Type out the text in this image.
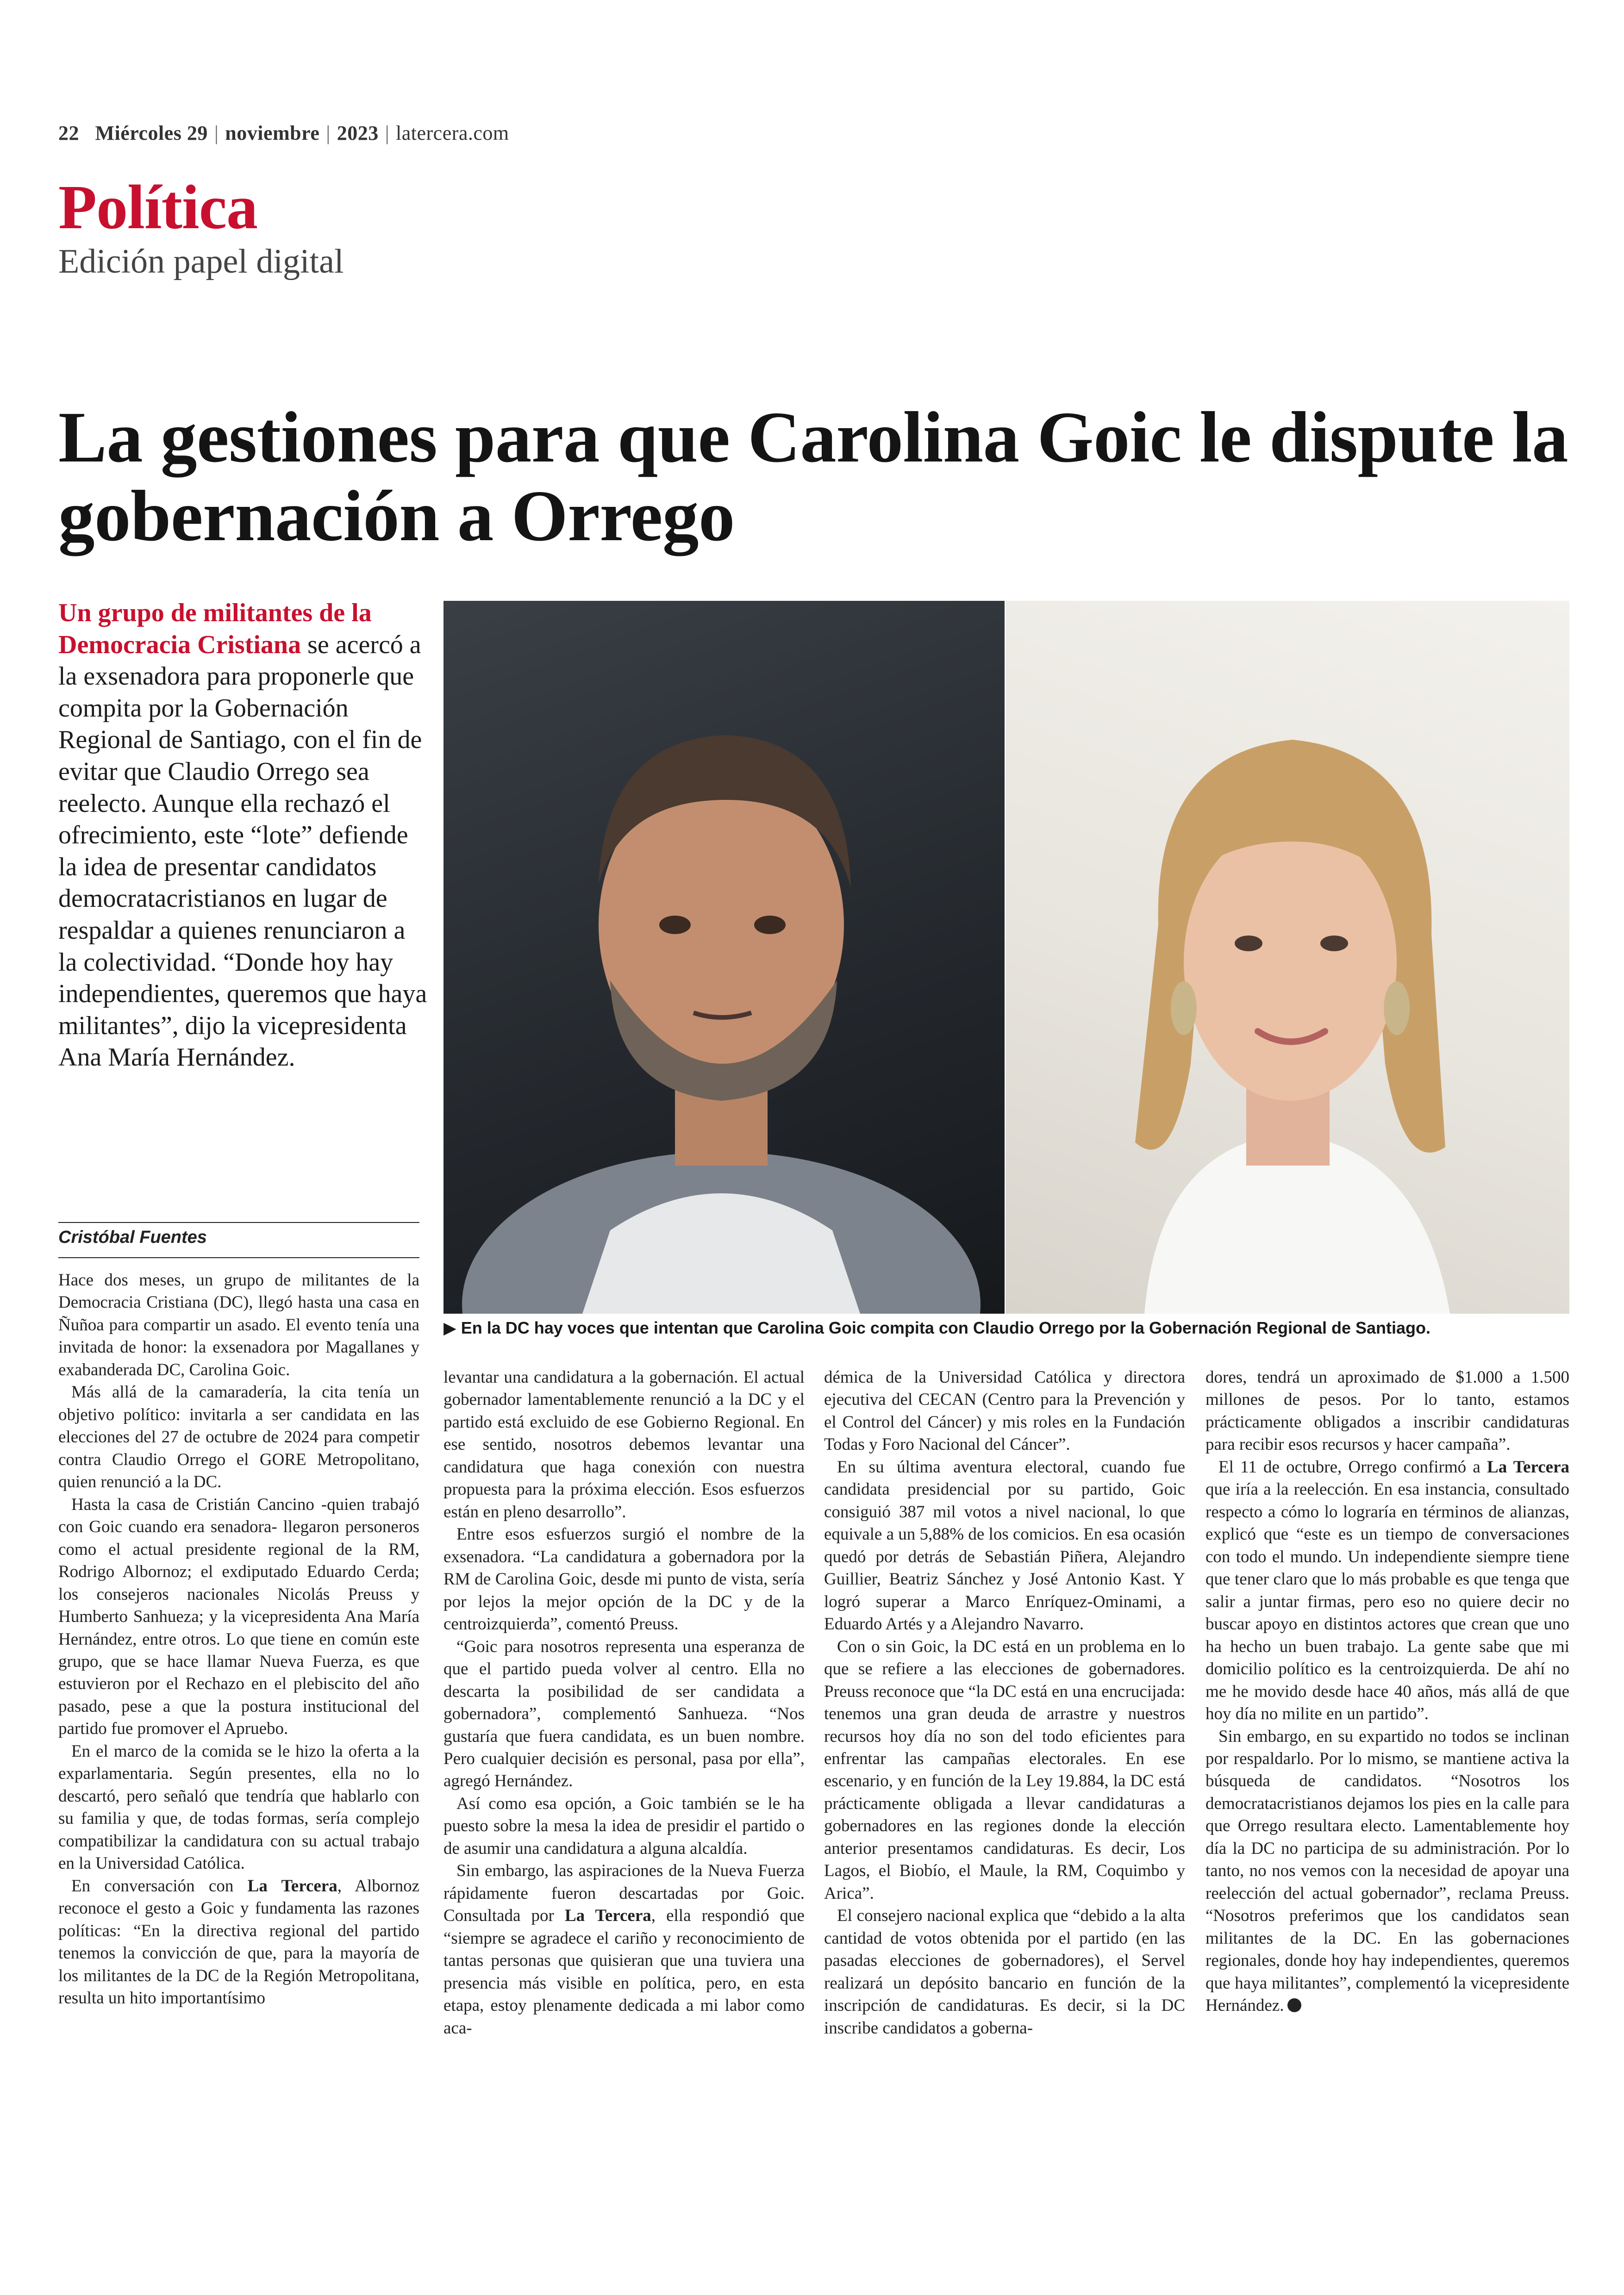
22 Miércoles 29 | noviembre | 2023 | latercera.com
Política
Edición papel digital
La gestiones para que Carolina Goic le dispute la gobernación a Orrego
Un grupo de militantes de la Democracia Cristiana se acercó a la exsenadora para proponerle que compita por la Gobernación Regional de Santiago, con el fin de evitar que Claudio Orrego sea reelecto. Aunque ella rechazó el ofrecimiento, este “lote” defiende la idea de presentar candidatos democratacristianos en lugar de respaldar a quienes renunciaron a la colectividad. “Donde hoy hay independientes, queremos que haya militantes”, dijo la vicepresidenta Ana María Hernández.
▶ En la DC hay voces que intentan que Carolina Goic compita con Claudio Orrego por la Gobernación Regional de Santiago.
Cristóbal Fuentes

Hace dos meses, un grupo de militantes de la Democracia Cristiana (DC), llegó hasta una casa en Ñuñoa para compartir un asado. El evento tenía una invitada de honor: la exsenadora por Magallanes y exabanderada DC, Carolina Goic.

Más allá de la camaradería, la cita tenía un objetivo político: invitarla a ser candidata en las elecciones del 27 de octubre de 2024 para competir contra Claudio Orrego el GORE Metropolitano, quien renunció a la DC.

Hasta la casa de Cristián Cancino -quien trabajó con Goic cuando era senadora- llegaron personeros como el actual presidente regional de la RM, Rodrigo Albornoz; el exdiputado Eduardo Cerda; los consejeros nacionales Nicolás Preuss y Humberto Sanhueza; y la vicepresidenta Ana María Hernández, entre otros. Lo que tiene en común este grupo, que se hace llamar Nueva Fuerza, es que estuvieron por el Rechazo en el plebiscito del año pasado, pese a que la postura institucional del partido fue promover el Apruebo.

En el marco de la comida se le hizo la oferta a la exparlamentaria. Según presentes, ella no lo descartó, pero señaló que tendría que hablarlo con su familia y que, de todas formas, sería complejo compatibilizar la candidatura con su actual trabajo en la Universidad Católica.

En conversación con La Tercera, Albornoz reconoce el gesto a Goic y fundamenta las razones políticas: “En la directiva regional del partido tenemos la convicción de que, para la mayoría de los militantes de la DC de la Región Metropolitana, resulta un hito importantísimo

levantar una candidatura a la gobernación. El actual gobernador lamentablemente renunció a la DC y el partido está excluido de ese Gobierno Regional. En ese sentido, nosotros debemos levantar una candidatura que haga conexión con nuestra propuesta para la próxima elección. Esos esfuerzos están en pleno desarrollo”.

Entre esos esfuerzos surgió el nombre de la exsenadora. “La candidatura a gobernadora por la RM de Carolina Goic, desde mi punto de vista, sería por lejos la mejor opción de la DC y de la centroizquierda”, comentó Preuss.

“Goic para nosotros representa una esperanza de que el partido pueda volver al centro. Ella no descarta la posibilidad de ser candidata a gobernadora”, complementó Sanhueza. “Nos gustaría que fuera candidata, es un buen nombre. Pero cualquier decisión es personal, pasa por ella”, agregó Hernández.

Así como esa opción, a Goic también se le ha puesto sobre la mesa la idea de presidir el partido o de asumir una candidatura a alguna alcaldía.

Sin embargo, las aspiraciones de la Nueva Fuerza rápidamente fueron descartadas por Goic. Consultada por La Tercera, ella respondió que “siempre se agradece el cariño y reconocimiento de tantas personas que quisieran que una tuviera una presencia más visible en política, pero, en esta etapa, estoy plenamente dedicada a mi labor como aca-

démica de la Universidad Católica y directora ejecutiva del CECAN (Centro para la Prevención y el Control del Cáncer) y mis roles en la Fundación Todas y Foro Nacional del Cáncer”.

En su última aventura electoral, cuando fue candidata presidencial por su partido, Goic consiguió 387 mil votos a nivel nacional, lo que equivale a un 5,88% de los comicios. En esa ocasión quedó por detrás de Sebastián Piñera, Alejandro Guillier, Beatriz Sánchez y José Antonio Kast. Y logró superar a Marco Enríquez-Ominami, a Eduardo Artés y a Alejandro Navarro.

Con o sin Goic, la DC está en un problema en lo que se refiere a las elecciones de gobernadores. Preuss reconoce que “la DC está en una encrucijada: tenemos una gran deuda de arrastre y nuestros recursos hoy día no son del todo eficientes para enfrentar las campañas electorales. En ese escenario, y en función de la Ley 19.884, la DC está prácticamente obligada a llevar candidaturas a gobernadores en las regiones donde la elección anterior presentamos candidaturas. Es decir, Los Lagos, el Biobío, el Maule, la RM, Coquimbo y Arica”.

El consejero nacional explica que “debido a la alta cantidad de votos obtenida por el partido (en las pasadas elecciones de gobernadores), el Servel realizará un depósito bancario en función de la inscripción de candidaturas. Es decir, si la DC inscribe candidatos a goberna-

dores, tendrá un aproximado de $1.000 a 1.500 millones de pesos. Por lo tanto, estamos prácticamente obligados a inscribir candidaturas para recibir esos recursos y hacer campaña”.

El 11 de octubre, Orrego confirmó a La Tercera que iría a la reelección. En esa instancia, consultado respecto a cómo lo lograría en términos de alianzas, explicó que “este es un tiempo de conversaciones con todo el mundo. Un independiente siempre tiene que tener claro que lo más probable es que tenga que salir a juntar firmas, pero eso no quiere decir no buscar apoyo en distintos actores que crean que uno ha hecho un buen trabajo. La gente sabe que mi domicilio político es la centroizquierda. De ahí no me he movido desde hace 40 años, más allá de que hoy día no milite en un partido”.

Sin embargo, en su expartido no todos se inclinan por respaldarlo. Por lo mismo, se mantiene activa la búsqueda de candidatos. “Nosotros los democratacristianos dejamos los pies en la calle para que Orrego resultara electo. Lamentablemente hoy día la DC no participa de su administración. Por lo tanto, no nos vemos con la necesidad de apoyar una reelección del actual gobernador”, reclama Preuss. “Nosotros preferimos que los candidatos sean militantes de la DC. En las gobernaciones regionales, donde hoy hay independientes, queremos que haya militantes”, complementó la vicepresidente Hernández.
